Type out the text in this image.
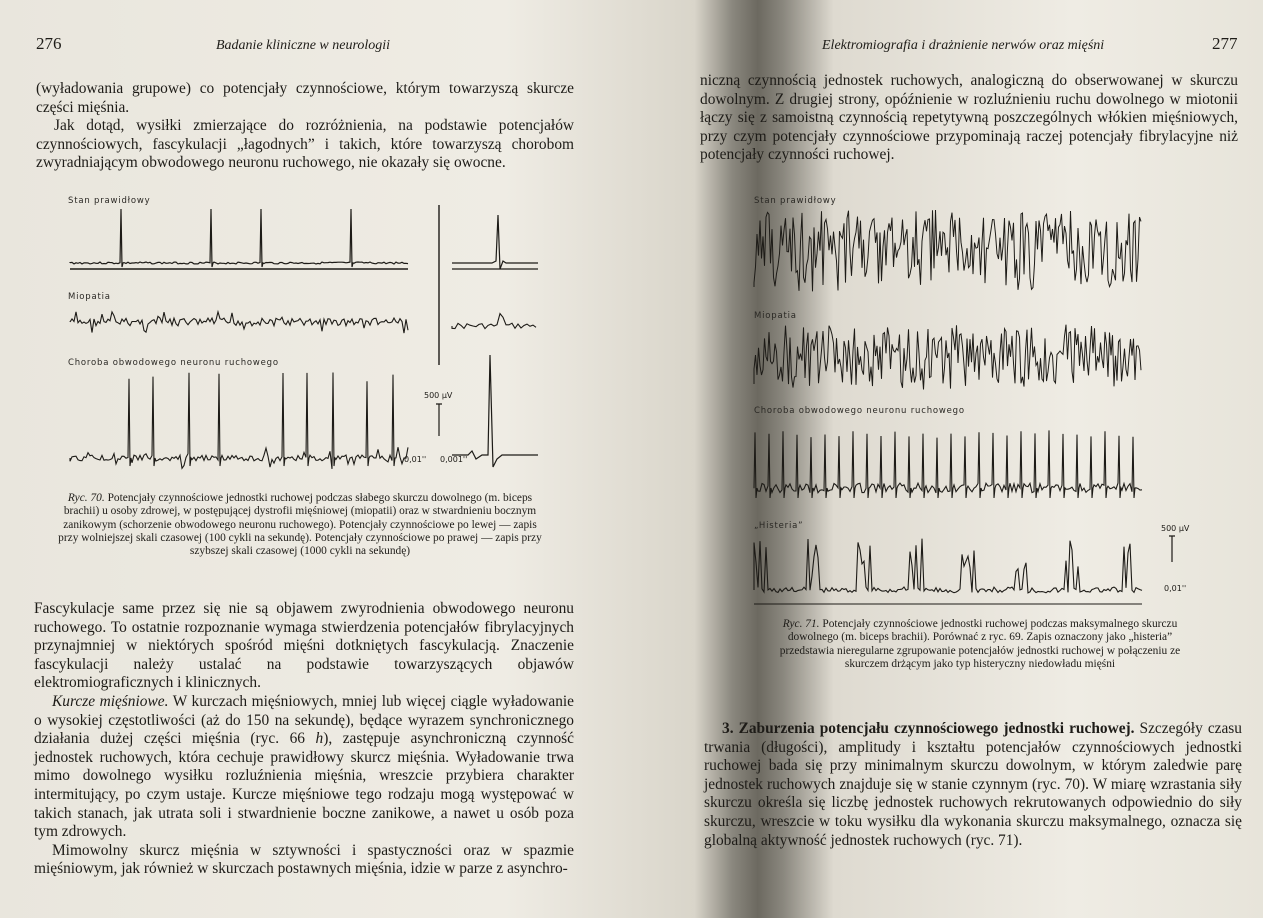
276	Badanie kliniczne w neurologii

(wyładowania grupowe) co potencjały czynnościowe, którym towarzyszą skurcze części mięśnia.

Jak dotąd, wysiłki zmierzające do rozróżnienia, na podstawie potencjałów czynnościowych, fascykulacji „łagodnych” i takich, które towarzyszą chorobom zwyradniającym obwodowego neuronu ruchowego, nie okazały się owocne.

Stan prawidłowy
Miopatia
Choroba obwodowego neuronu ruchowego
500 µV
0,01'' 0,001''
Ryc. 70. Potencjały czynnościowe jednostki ruchowej podczas słabego skurczu dowolnego (m. biceps brachii) u osoby zdrowej, w postępującej dystrofii mięśniowej (miopatii) oraz w stwardnieniu bocznym zanikowym (schorzenie obwodowego neuronu ruchowego). Potencjały czynnościowe po lewej — zapis przy wolniejszej skali czasowej (100 cykli na sekundę). Potencjały czynnościowe po prawej — zapis przy szybszej skali czasowej (1000 cykli na sekundę)

Fascykulacje same przez się nie są objawem zwyrodnienia obwodowego neuronu ruchowego. To ostatnie rozpoznanie wymaga stwierdzenia potencjałów fibrylacyjnych przynajmniej w niektórych spośród mięśni dotkniętych fascykulacją. Znaczenie fascykulacji należy ustalać na podstawie towarzyszących objawów elektromiograficznych i klinicznych.

Kurcze mięśniowe. W kurczach mięśniowych, mniej lub więcej ciągle wyładowanie o wysokiej częstotliwości (aż do 150 na sekundę), będące wyrazem synchronicznego działania dużej części mięśnia (ryc. 66 h), zastępuje asynchroniczną czynność jednostek ruchowych, która cechuje prawidłowy skurcz mięśnia. Wyładowanie trwa mimo dowolnego wysiłku rozluźnienia mięśnia, wreszcie przybiera charakter intermitujący, po czym ustaje. Kurcze mięśniowe tego rodzaju mogą występować w takich stanach, jak utrata soli i stwardnienie boczne zanikowe, a nawet u osób poza tym zdrowych.

Mimowolny skurcz mięśnia w sztywności i spastyczności oraz w spazmie mięśniowym, jak również w skurczach postawnych mięśnia, idzie w parze z asynchro-

Elektromiografia i drażnienie nerwów oraz mięśni	277

niczną czynnością jednostek ruchowych, analogiczną do obserwowanej w skurczu dowolnym. Z drugiej strony, opóźnienie w rozluźnieniu ruchu dowolnego w miotonii łączy się z samoistną czynnością repetytywną poszczególnych włókien mięśniowych, przy czym potencjały czynnościowe przypominają raczej potencjały fibrylacyjne niż potencjały czynności ruchowej.

Stan prawidłowy
Miopatia
Choroba obwodowego neuronu ruchowego
„Histeria”	500 µV
0,01''
Ryc. 71. Potencjały czynnościowe jednostki ruchowej podczas maksymalnego skurczu dowolnego (m. biceps brachii). Porównać z ryc. 69. Zapis oznaczony jako „histeria” przedstawia nieregularne zgrupowanie potencjałów jednostki ruchowej w połączeniu ze skurczem drżącym jako typ histeryczny niedowładu mięśni

3. Zaburzenia potencjału czynnościowego jednostki ruchowej. Szczegóły czasu trwania (długości), amplitudy i kształtu potencjałów czynnościowych jednostki ruchowej bada się przy minimalnym skurczu dowolnym, w którym zaledwie parę jednostek ruchowych znajduje się w stanie czynnym (ryc. 70). W miarę wzrastania siły skurczu określa się liczbę jednostek ruchowych rekrutowanych odpowiednio do siły skurczu, wreszcie w toku wysiłku dla wykonania skurczu maksymalnego, oznacza się globalną aktywność jednostek ruchowych (ryc. 71).
